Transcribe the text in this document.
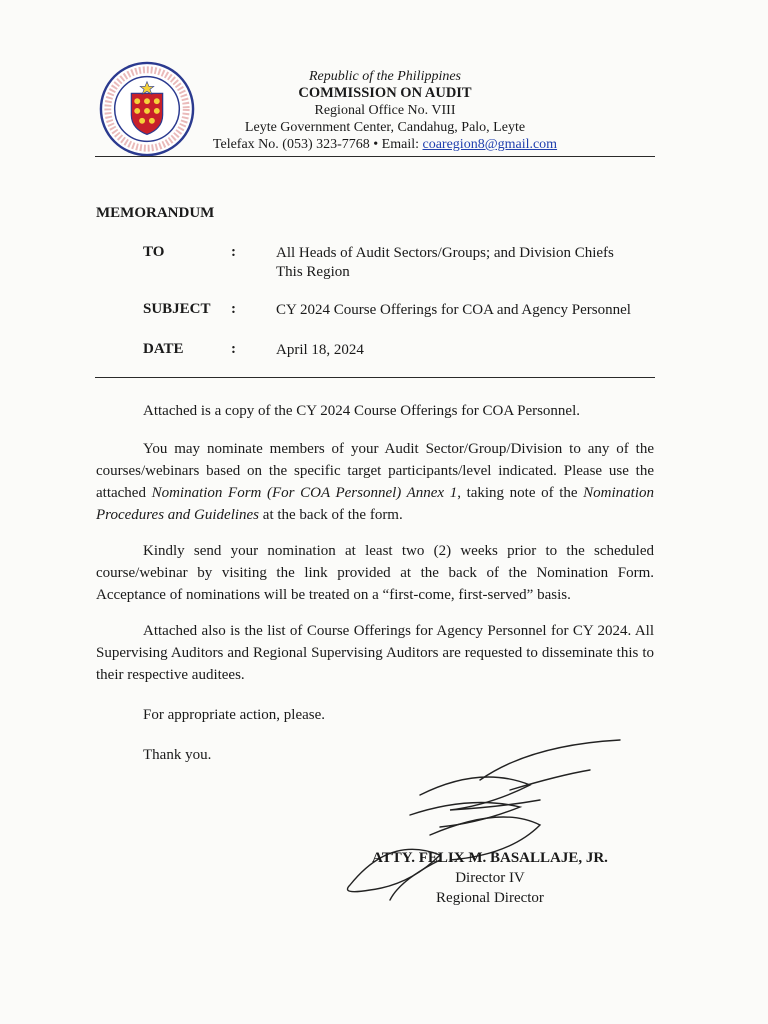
Republic of the Philippines
COMMISSION ON AUDIT
Regional Office No. VIII
Leyte Government Center, Candahug, Palo, Leyte
Telefax No. (053) 323-7768 • Email: coaregion8@gmail.com
MEMORANDUM
TO	:	All Heads of Audit Sectors/Groups; and Division Chiefs
This Region
SUBJECT	:	CY 2024 Course Offerings for COA and Agency Personnel
DATE	:	April 18, 2024

Attached is a copy of the CY 2024 Course Offerings for COA Personnel.

You may nominate members of your Audit Sector/Group/Division to any of the courses/webinars based on the specific target participants/level indicated. Please use the attached Nomination Form (For COA Personnel) Annex 1, taking note of the Nomination Procedures and Guidelines at the back of the form.

Kindly send your nomination at least two (2) weeks prior to the scheduled course/webinar by visiting the link provided at the back of the Nomination Form. Acceptance of nominations will be treated on a “first-come, first-served” basis.

Attached also is the list of Course Offerings for Agency Personnel for CY 2024. All Supervising Auditors and Regional Supervising Auditors are requested to disseminate this to their respective auditees.

For appropriate action, please.

Thank you.

ATTY. FELIX M. BASALLAJE, JR.
Director IV
Regional Director
